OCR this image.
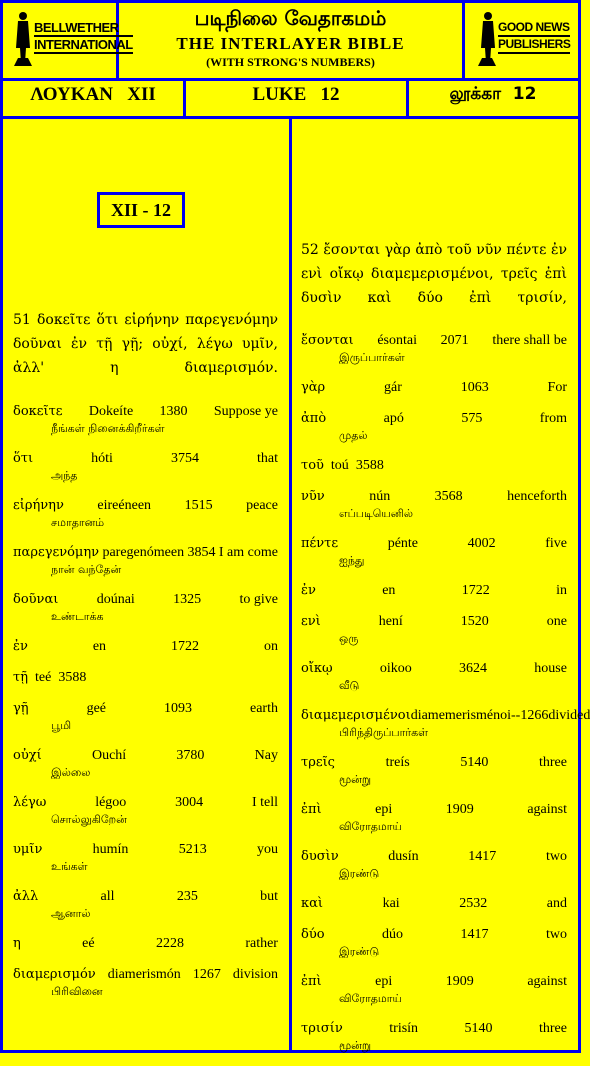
BELLWETHER
INTERNATIONAL
படிநிலை வேதாகமம்
THE INTERLAYER BIBLE
(WITH STRONG'S NUMBERS)
GOOD NEWS
PUBLISHERS
ΛΟΥΚΑΝ   XII	LUKE   12	லூக்கா  12
XII - 12
51 δοκεῖτε ὅτι εἰρήνην παρεγενόμην δοῦναι ἐν τῇ γῇ; οὐχί, λέγω υμῖν, ἀλλ' η διαμερισμόν.
δοκεῖτε Dokeíte 1380 Suppose ye
நீங்கள் நினைக்கிறீர்கள்
ὅτι	hóti	3754	that
அந்த
εἰρήνην eireéneen 1515 peace
சமாதானம்
παρεγενόμην paregenómeen 3854 I am come
நான் வந்தேன்
δοῦναι	doúnai	1325	to give
உண்டாக்க
ἐν	en	1722	on
τῇ teé 3588
γῇ	geé	1093	earth
பூமி
οὐχί	Ouchí	3780	Nay
இல்லை
λέγω	légoo	3004	I tell
சொல்லுகிறேன்
υμῖν	humín	5213	you
உங்கள்
ἀλλ	all	235	but
ஆனால்
η	eé	2228	rather
διαμερισμόν diamerismón 1267 division
பிரிவினை
52 ἔσονται γὰρ ἀπὸ τοῦ νῦν πέντε ἐν ενὶ οἴκῳ διαμεμερισμένοι, τρεῖς ἐπὶ δυσὶν καὶ δύο ἐπὶ τρισίν,
ἔσονται ésontai 2071 there shall be
இருப்பார்கள்
γὰρ	gár	1063	For
ἀπὸ	apó	575	from
முதல்
τοῦ toú 3588
νῦν	nún	3568	henceforth
எப்படியெனில்
πέντε	pénte	4002	five
ஐந்து
ἐν	en	1722	in
ενὶ	hení	1520	one
ஒரு
οἴκῳ	oikoo	3624	house
வீடு
διαμεμερισμένοι diamemerisménoi-- 1266 divided
பிரிந்திருப்பார்கள்
τρεῖς	treís	5140	three
மூன்று
ἐπὶ	epi	1909	against
விரோதமாய்
δυσὶν	dusín	1417	two
இரண்டு
καὶ	kai	2532	and
δύο	dúo	1417	two
இரண்டு
ἐπὶ	epi	1909	against
விரோதமாய்
τρισίν	trisín	5140	three
மூன்று
